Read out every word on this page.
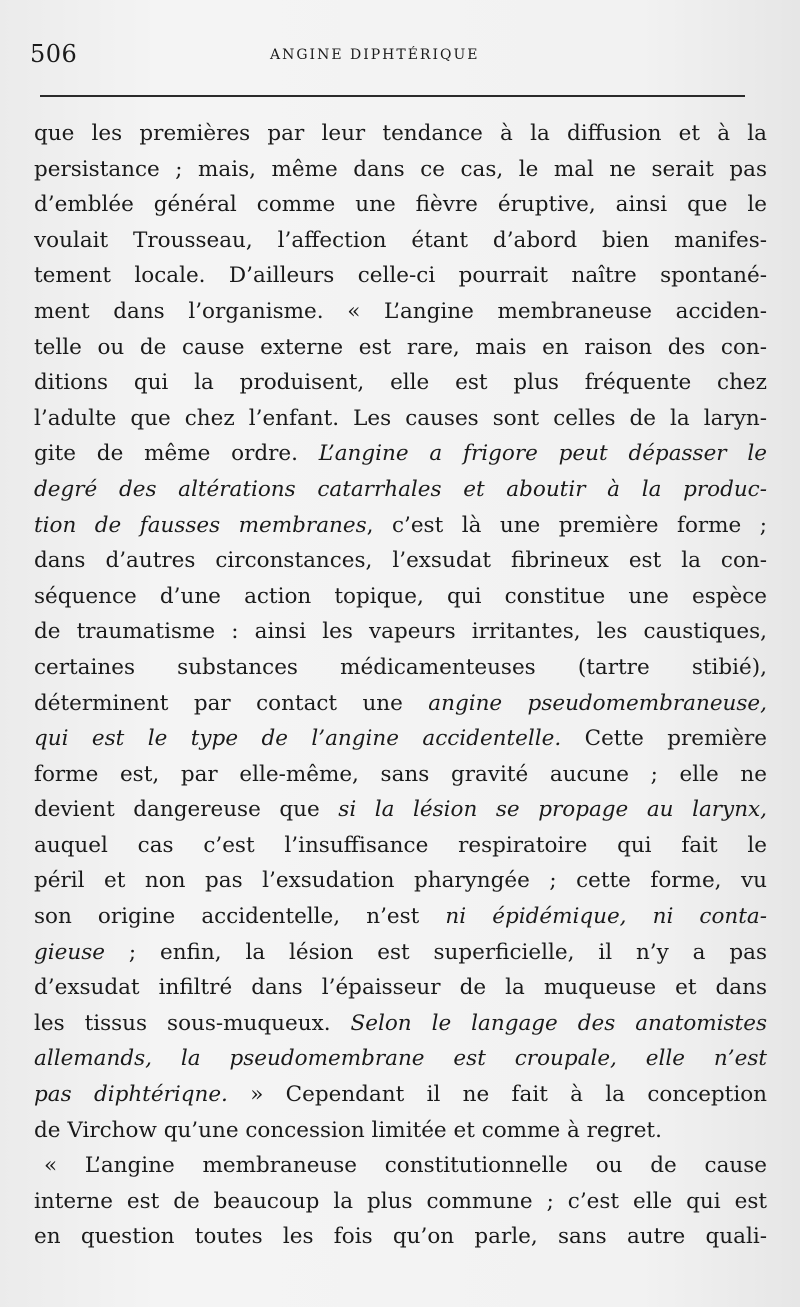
506	ANGINE DIPHTÉRIQUE
que les premières par leur tendance à la diffusion et à la
persistance ; mais, même dans ce cas, le mal ne serait pas
d’emblée général comme une fièvre éruptive, ainsi que le
voulait Trousseau, l’affection étant d’abord bien manifes-
tement locale. D’ailleurs celle-ci pourrait naître spontané-
ment dans l’organisme. « L’angine membraneuse acciden-
telle ou de cause externe est rare, mais en raison des con-
ditions qui la produisent, elle est plus fréquente chez
l’adulte que chez l’enfant. Les causes sont celles de la laryn-
gite de même ordre. L’angine a frigore peut dépasser le
degré des altérations catarrhales et aboutir à la produc-
tion de fausses membranes, c’est là une première forme ;
dans d’autres circonstances, l’exsudat fibrineux est la con-
séquence d’une action topique, qui constitue une espèce
de traumatisme : ainsi les vapeurs irritantes, les caustiques,
certaines substances médicamenteuses (tartre stibié),
déterminent par contact une angine pseudomembraneuse,
qui est le type de l’angine accidentelle. Cette première
forme est, par elle-même, sans gravité aucune ; elle ne
devient dangereuse que si la lésion se propage au larynx,
auquel cas c’est l’insuffisance respiratoire qui fait le
péril et non pas l’exsudation pharyngée ; cette forme, vu
son origine accidentelle, n’est ni épidémique, ni conta-
gieuse ; enfin, la lésion est superficielle, il n’y a pas
d’exsudat infiltré dans l’épaisseur de la muqueuse et dans
les tissus sous-muqueux. Selon le langage des anatomistes
allemands, la pseudomembrane est croupale, elle n’est
pas diphtériqne. » Cependant il ne fait à la conception
de Virchow qu’une concession limitée et comme à regret.
« L’angine membraneuse constitutionnelle ou de cause
interne est de beaucoup la plus commune ; c’est elle qui est
en question toutes les fois qu’on parle, sans autre quali-
